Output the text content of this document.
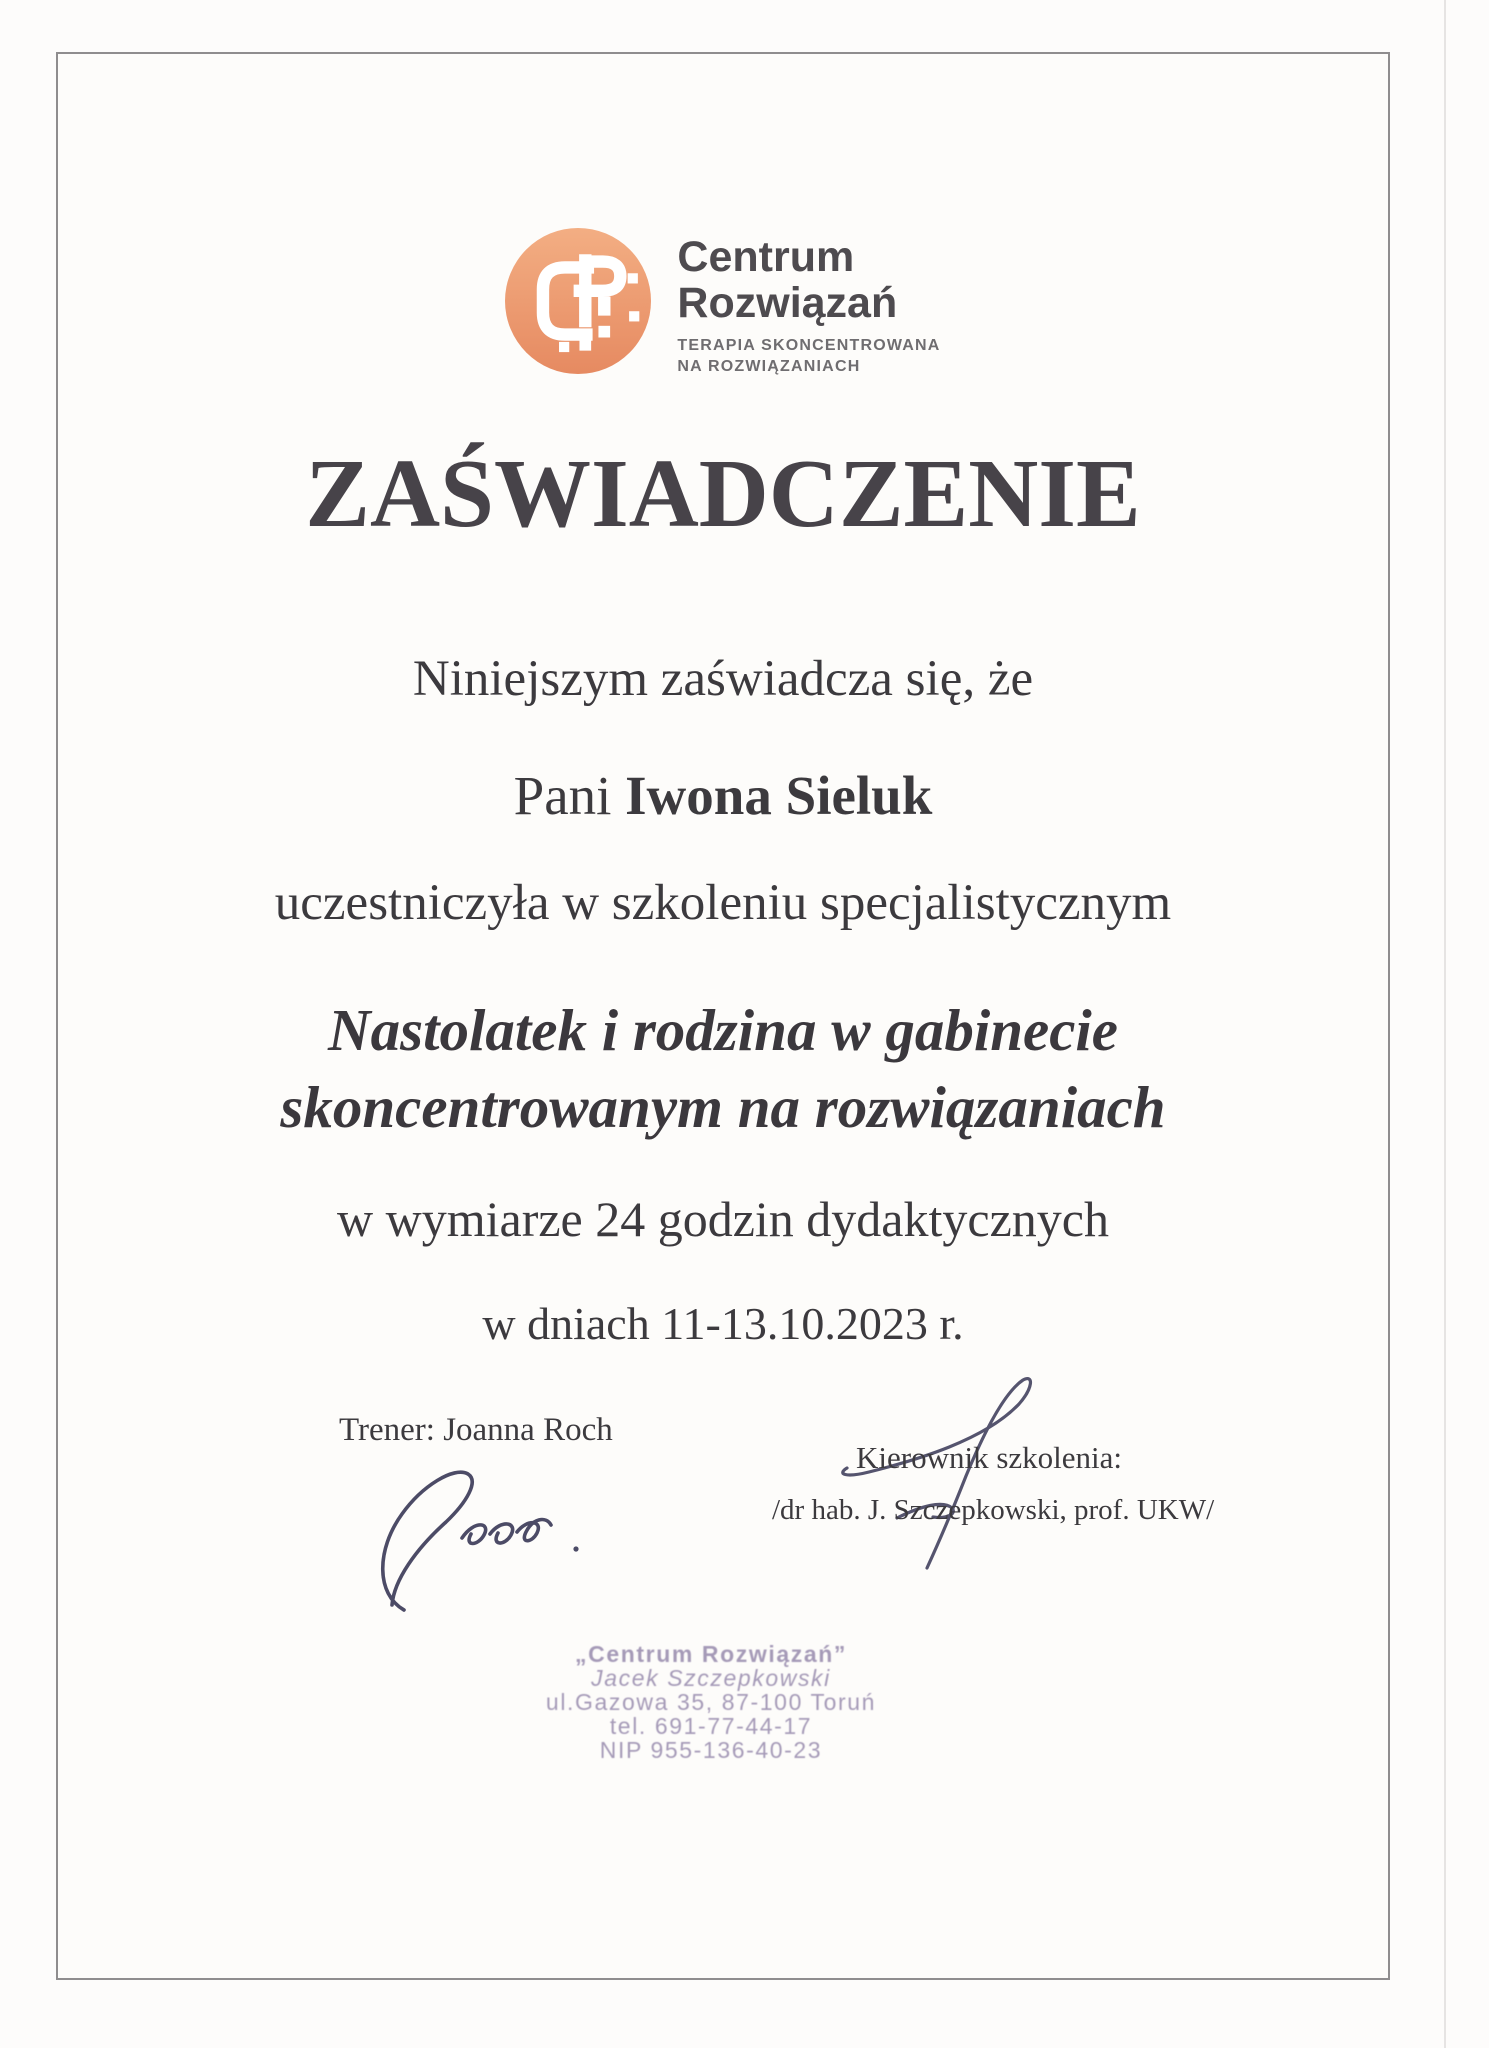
Centrum
Rozwiązań
TERAPIA SKONCENTROWANA
NA ROZWIĄZANIACH
ZAŚWIADCZENIE
Niniejszym zaświadcza się, że
Pani Iwona Sieluk
uczestniczyła w szkoleniu specjalistycznym
Nastolatek i rodzina w gabinecie
skoncentrowanym na rozwiązaniach
w wymiarze 24 godzin dydaktycznych
w dniach 11-13.10.2023 r.
Trener: Joanna Roch
Kierownik szkolenia:
/dr hab. J. Szczepkowski, prof. UKW/
„Centrum Rozwiązań”
Jacek Szczepkowski
ul.Gazowa 35, 87-100 Toruń
tel. 691-77-44-17
NIP 955-136-40-23
